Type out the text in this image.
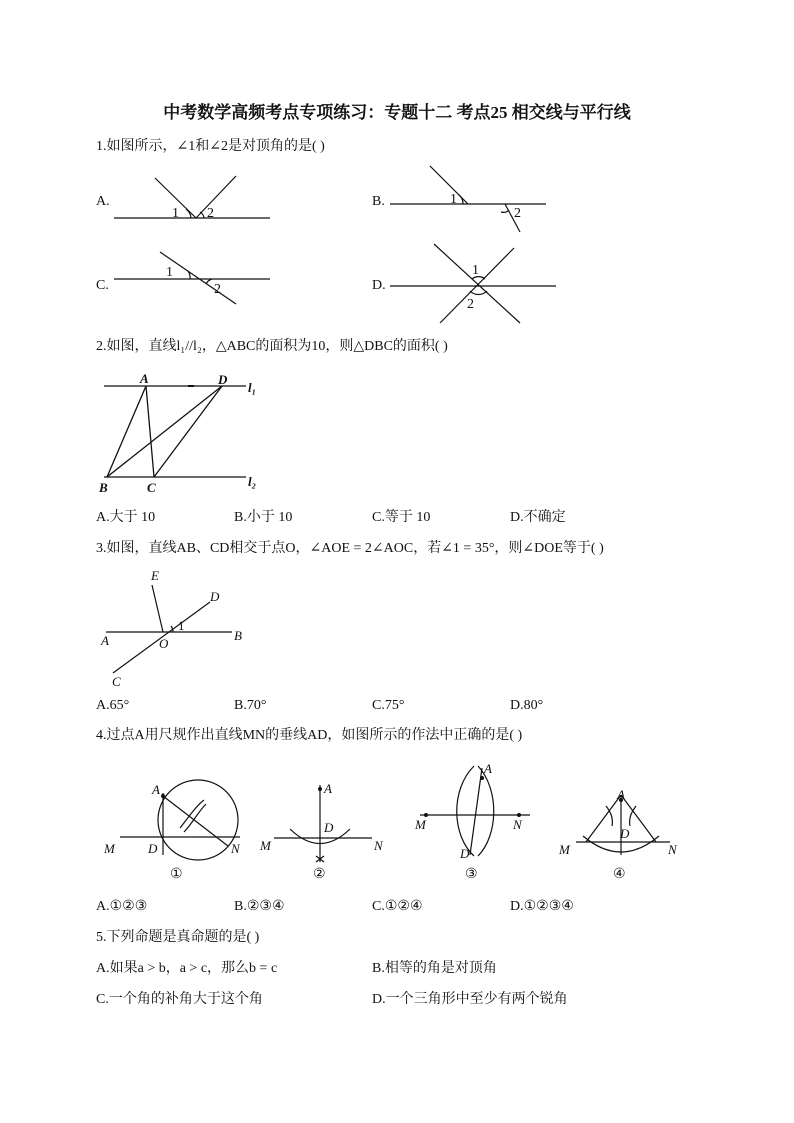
中考数学高频考点专项练习：专题十二 考点25 相交线与平行线
1.如图所示，∠1和∠2是对顶角的是( )
A.	B.
C.	D.
1 2
1
2
1
2
1
2
A	D
B	C
l₁
l₂
E
D
A	O
B
C
1
A
D
M	N
A
D
M	N
A
D
M	N
A
D
M	N
①	②	③	④
2.如图，直线l₁//l₂，△ABC的面积为10，则△DBC的面积( )
A.大于 10	B.小于 10	C.等于 10	D.不确定
3.如图，直线AB、CD相交于点O，∠AOE = 2∠AOC，若∠1 = 35°，则∠DOE等于( )
A.65°	B.70°	C.75°	D.80°
4.过点A用尺规作出直线MN的垂线AD，如图所示的作法中正确的是( )
A.①②③	B.②③④	C.①②④	D.①②③④
5.下列命题是真命题的是( )
A.如果a > b，a > c，那么b = c	B.相等的角是对顶角
C.一个角的补角大于这个角	D.一个三角形中至少有两个锐角
